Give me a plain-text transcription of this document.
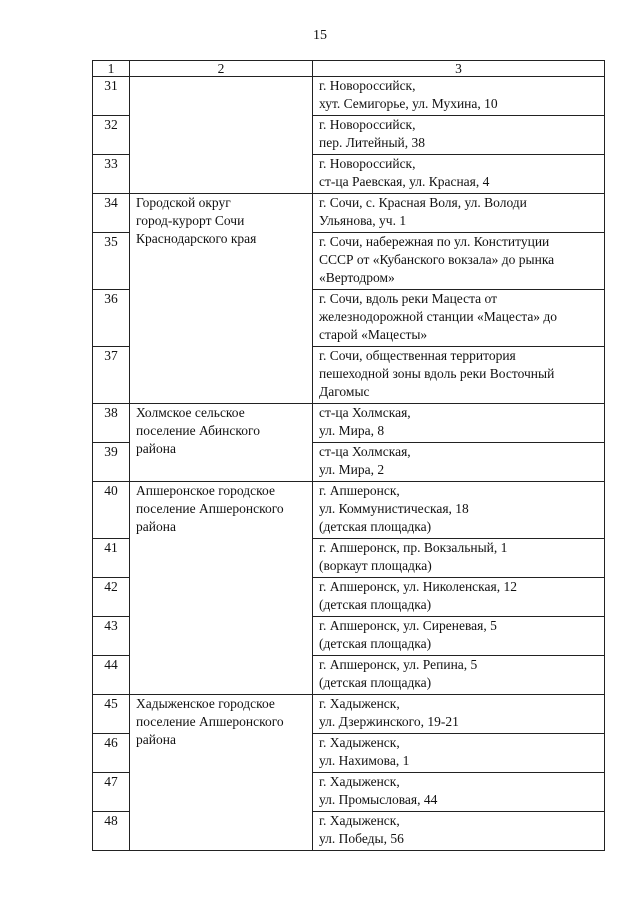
15
1	2	3
31		г. Новороссийск,
хут. Семигорье, ул. Мухина, 10
32		г. Новороссийск,
пер. Литейный, 38
33		г. Новороссийск,
ст-ца Раевская, ул. Красная, 4
34	Городской округ
город-курорт Сочи
Краснодарского края	г. Сочи, с. Красная Воля, ул. Володи
Ульянова, уч. 1
35		г. Сочи, набережная по ул. Конституции
СССР от «Кубанского вокзала» до рынка
«Вертодром»
36		г. Сочи, вдоль реки Мацеста от
железнодорожной станции «Мацеста» до
старой «Мацесты»
37		г. Сочи, общественная территория
пешеходной зоны вдоль реки Восточный
Дагомыс
38	Холмское сельское
поселение Абинского
района	ст-ца Холмская,
ул. Мира, 8
39		ст-ца Холмская,
ул. Мира, 2
40	Апшеронское городское
поселение Апшеронского
района	г. Апшеронск,
ул. Коммунистическая, 18
(детская площадка)
41		г. Апшеронск, пр. Вокзальный, 1
(воркаут площадка)
42		г. Апшеронск, ул. Николенская, 12
(детская площадка)
43		г. Апшеронск, ул. Сиреневая, 5
(детская площадка)
44		г. Апшеронск, ул. Репина, 5
(детская площадка)
45	Хадыженское городское
поселение Апшеронского
района	г. Хадыженск,
ул. Дзержинского, 19-21
46		г. Хадыженск,
ул. Нахимова, 1
47		г. Хадыженск,
ул. Промысловая, 44
48		г. Хадыженск,
ул. Победы, 56
